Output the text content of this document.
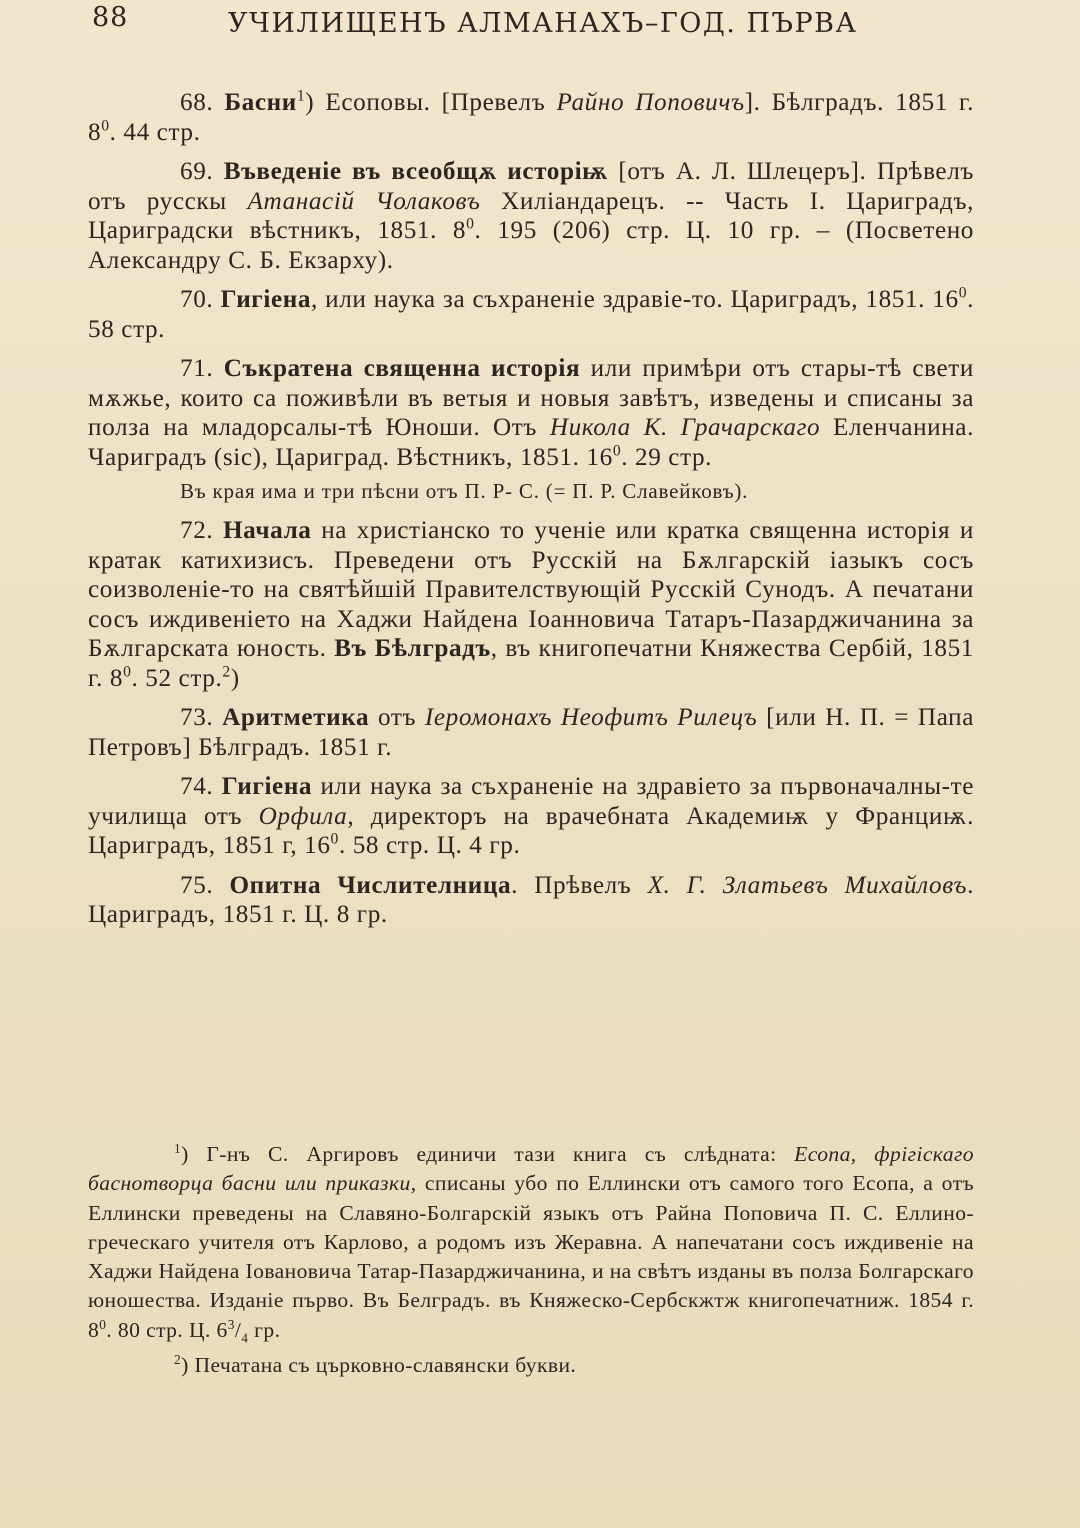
88	УЧИЛИЩЕНЪ АЛМАНАХЪ–ГОД. ПЪРВА

68. Басни$^1$) Есоповы. [Превелъ Райно Поповичъ]. Бѣлградъ. 1851 г. $8^0$. 44 стр.

69. Въведеніе въ всеобщѫ исторіѭ [отъ А. Л. Шлецеръ]. Прѣвелъ отъ русскы Атанасій Чолаковъ Хиліандарецъ. -- Часть I. Цариградъ, Цариградски вѣстникъ, 1851. $8^0$. 195 (206) стр. Ц. 10 гр. – (Посветено Александру С. Б. Екзарху).

70. Гигіена, или наука за съхраненіе здравіе-то. Цариградъ, 1851. $16^0$. 58 стр.

71. Съкратена священна исторія или примѣри отъ стары-тѣ свети мѫжье, които са поживѣли въ ветыя и новыя завѣтъ, изведены и списаны за полза на младорсалы-тѣ Юноши. Отъ Никола К. Грачарскаго Еленчанина. Чариградъ (sic), Цариград. Вѣстникъ, 1851. $16^0$. 29 стр.

Въ края има и три пѣсни отъ П. Р- С. (= П. Р. Славейковъ).

72. Начала на христіанско то ученіе или кратка священна исторія и кратак катихизисъ. Преведени отъ Русскій на Бѫлгарскій іазыкъ сосъ соизволеніе-то на святѣйшій Правителствующій Русскій Сунодъ. А печатани сосъ иждивеніето на Хаджи Найдена Іоанновича Татаръ-Пазарджичанина за Бѫлгарската юность. Въ Бѣлградъ, въ книгопечатни Княжества Сербій, 1851 г. $8^0$. 52 стр.$^2$)

73. Аритметика отъ Іеромонахъ Неофитъ Рилецъ [или Н. П. = Папа Петровъ] Бѣлградъ. 1851 г.

74. Гигіена или наука за съхраненіе на здравіето за първоначалны-те училища отъ Орфила, директоръ на врачебната Академиѭ у Франциѭ. Цариградъ, 1851 г, $16^0$. 58 стр. Ц. 4 гр.

75. Опитна Числителница. Прѣвелъ Х. Г. Златьевъ Михайловъ. Цариградъ, 1851 г. Ц. 8 гр.

$^1$) Г-нъ С. Аргировъ единичи тази книга съ слѣдната: Есопа, фрігіскаго баснотворца басни или приказки, списаны убо по Еллински отъ самого того Есопа, а отъ Еллински преведены на Славяно-Болгарскій языкъ отъ Райна Поповича П. С. Еллино-греческаго учителя отъ Карлово, а родомъ изъ Жеравна. А напечатани сосъ иждивеніе на Хаджи Найдена Іовановича Татар-Пазарджичанина, и на свѣтъ изданы въ полза Болгарскаго юношества. Изданіе първо. Въ Белградъ. въ Княжеско-Сербскжтж книгопечатниж. 1854 г. $8^0$. 80 стр. Ц. $6^3/_4$ гр.

$^2$) Печатана съ църковно-славянски букви.
